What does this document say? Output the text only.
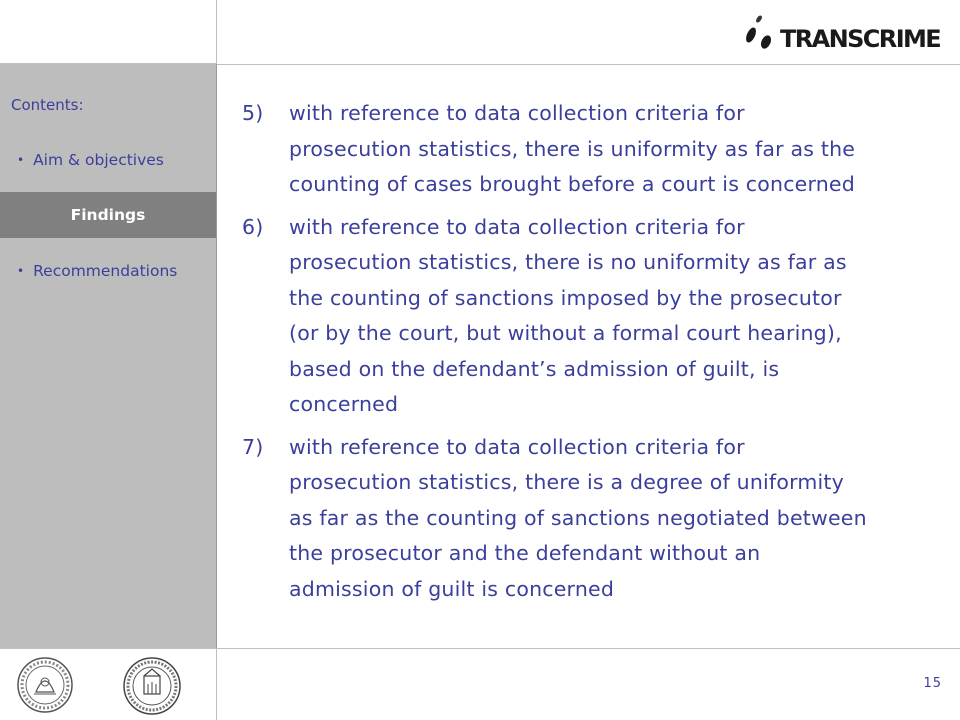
TRANSCRIME
Contents:
• Aim & objectives
Findings
• Recommendations
5)	with reference to data collection criteria for
prosecution statistics, there is uniformity as far as the
counting of cases brought before a court is concerned
6)	with reference to data collection criteria for
prosecution statistics, there is no uniformity as far as
the counting of sanctions imposed by the prosecutor
(or by the court, but without a formal court hearing),
based on the defendant’s admission of guilt, is
concerned
7)	with reference to data collection criteria for
prosecution statistics, there is a degree of uniformity
as far as the counting of sanctions negotiated between
the prosecutor and the defendant without an
admission of guilt is concerned
15
